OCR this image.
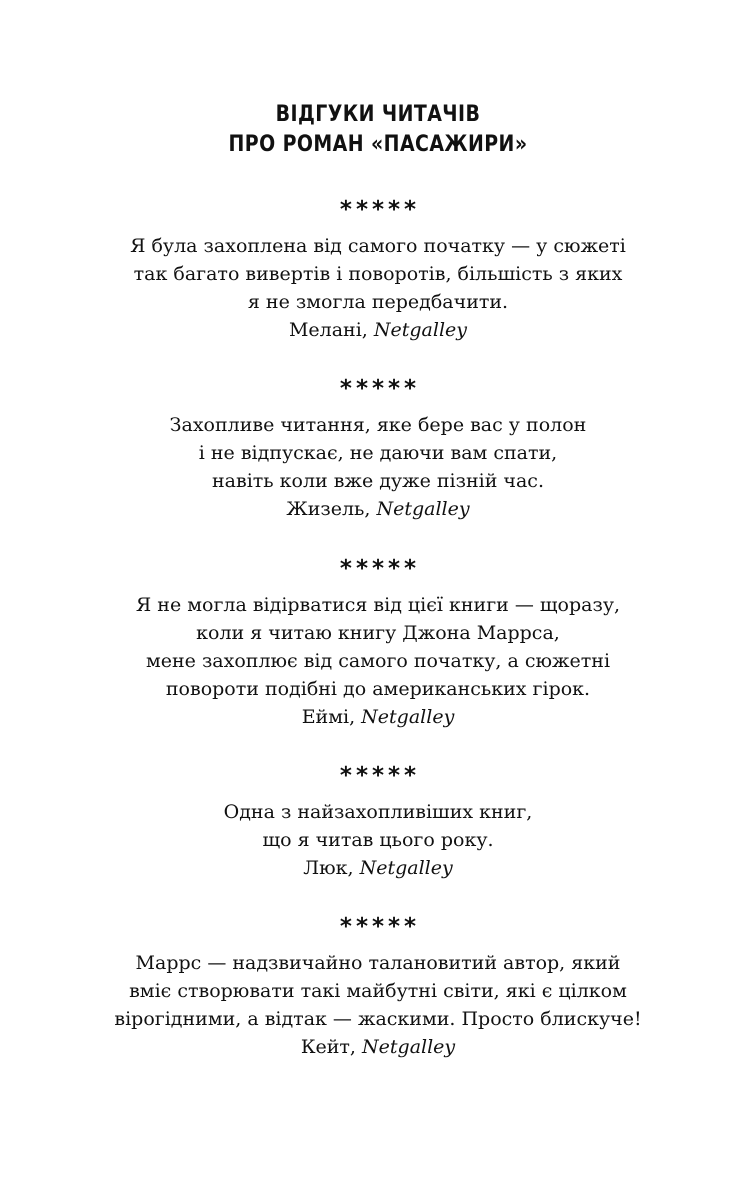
ВІДГУКИ ЧИТАЧІВ
ПРО РОМАН «ПАСАЖИРИ»
*****
Я була захоплена від самого початку — у сюжеті
так багато вивертів і поворотів, більшість з яких
я не змогла передбачити.
Мелані, Netgalley
*****
Захопливе читання, яке бере вас у полон
і не відпускає, не даючи вам спати,
навіть коли вже дуже пізній час.
Жизель, Netgalley
*****
Я не могла відірватися від цієї книги — щоразу,
коли я читаю книгу Джона Маррса,
мене захоплює від самого початку, а сюжетні
повороти подібні до американських гірок.
Еймі, Netgalley
*****
Одна з найзахопливіших книг,
що я читав цього року.
Люк, Netgalley
*****
Маррс — надзвичайно талановитий автор, який
вміє створювати такі майбутні світи, які є цілком
вірогідними, а відтак — жаскими. Просто блискуче!
Кейт, Netgalley
